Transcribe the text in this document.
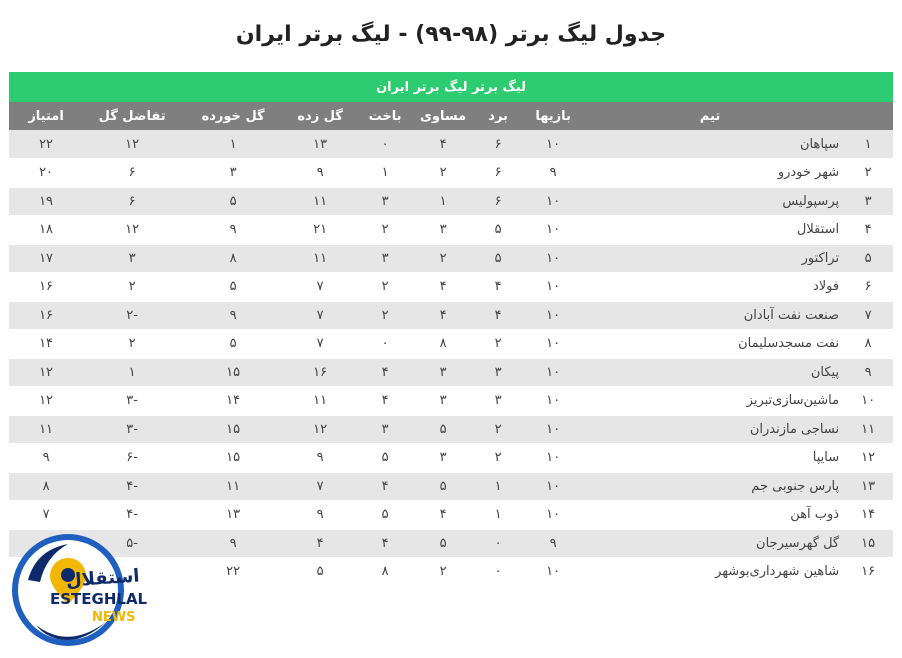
جدول لیگ برتر (۹۸-۹۹) - لیگ برتر ایران
لیگ برتر لیگ برتر ایران									
	تیم	بازیها	برد	مساوی	باخت	گل زده	گل خورده	تفاضل گل	امتیاز
۱	سپاهان	۱۰	۶	۴	۰	۱۳	۱	۱۲	۲۲
۲	شهر خودرو	۹	۶	۲	۱	۹	۳	۶	۲۰
۳	پرسپولیس	۱۰	۶	۱	۳	۱۱	۵	۶	۱۹
۴	استقلال	۱۰	۵	۳	۲	۲۱	۹	۱۲	۱۸
۵	تراکتور	۱۰	۵	۲	۳	۱۱	۸	۳	۱۷
۶	فولاد	۱۰	۴	۴	۲	۷	۵	۲	۱۶
۷	صنعت نفت آبادان	۱۰	۴	۴	۲	۷	۹	-۲	۱۶
۸	نفت مسجدسلیمان	۱۰	۲	۸	۰	۷	۵	۲	۱۴
۹	پیکان	۱۰	۳	۳	۴	۱۶	۱۵	۱	۱۲
۱۰	ماشین‌سازی‌تبریز	۱۰	۳	۳	۴	۱۱	۱۴	-۳	۱۲
۱۱	نساجی مازندران	۱۰	۲	۵	۳	۱۲	۱۵	-۳	۱۱
۱۲	سایپا	۱۰	۲	۳	۵	۹	۱۵	-۶	۹
۱۳	پارس جنوبی جم	۱۰	۱	۵	۴	۷	۱۱	-۴	۸
۱۴	ذوب آهن	۱۰	۱	۴	۵	۹	۱۳	-۴	۷
۱۵	گل گهرسیرجان	۹	۰	۵	۴	۴	۹	-۵	
۱۶	شاهین شهرداری‌بوشهر	۱۰	۰	۲	۸	۵	۲۲		
استقلال
ESTEGHLAL
NEWS
